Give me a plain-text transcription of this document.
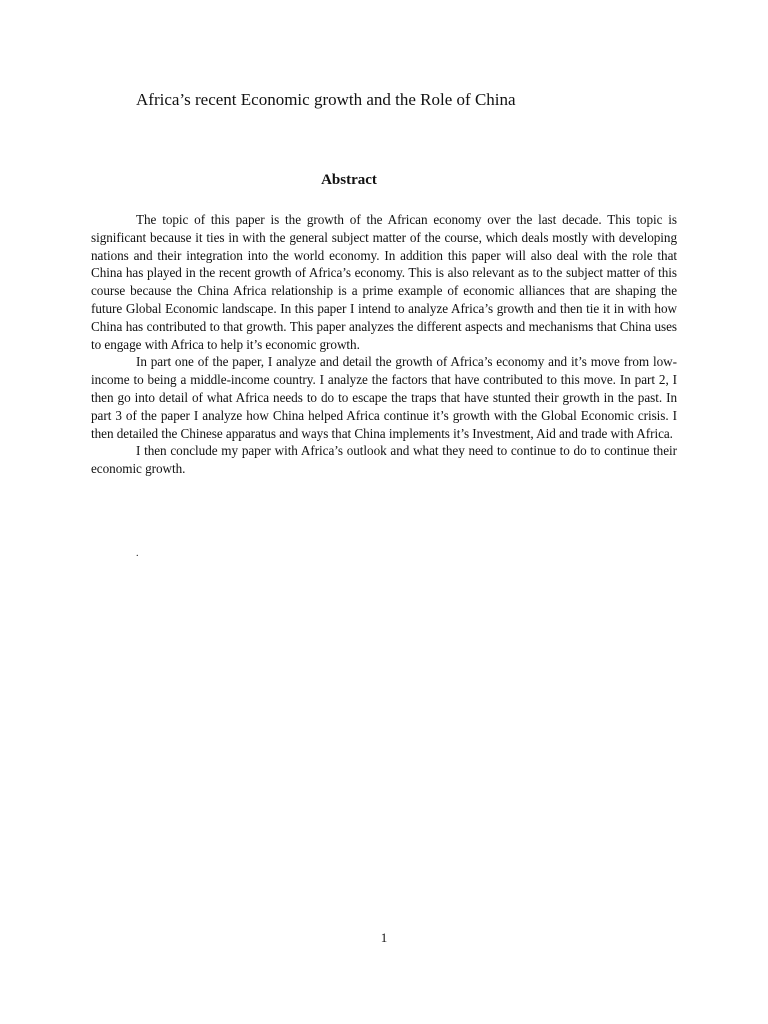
Africa’s recent Economic growth and the Role of China
Abstract

The topic of this paper is the growth of the African economy over the last decade. This topic is significant because it ties in with the general subject matter of the course, which deals mostly with developing nations and their integration into the world economy. In addition this paper will also deal with the role that China has played in the recent growth of Africa’s economy. This is also relevant as to the subject matter of this course because the China Africa relationship is a prime example of economic alliances that are shaping the future Global Economic landscape. In this paper I intend to analyze Africa’s growth and then tie it in with how China has contributed to that growth. This paper analyzes the different aspects and mechanisms that China uses to engage with Africa to help it’s economic growth.

In part one of the paper, I analyze and detail the growth of Africa’s economy and it’s move from low-income to being a middle-income country. I analyze the factors that have contributed to this move. In part 2, I then go into detail of what Africa needs to do to escape the traps that have stunted their growth in the past. In part 3 of the paper I analyze how China helped Africa continue it’s growth with the Global Economic crisis. I then detailed the Chinese apparatus and ways that China implements it’s Investment, Aid and trade with Africa.

I then conclude my paper with Africa’s outlook and what they need to continue to do to continue their economic growth.

.
1
